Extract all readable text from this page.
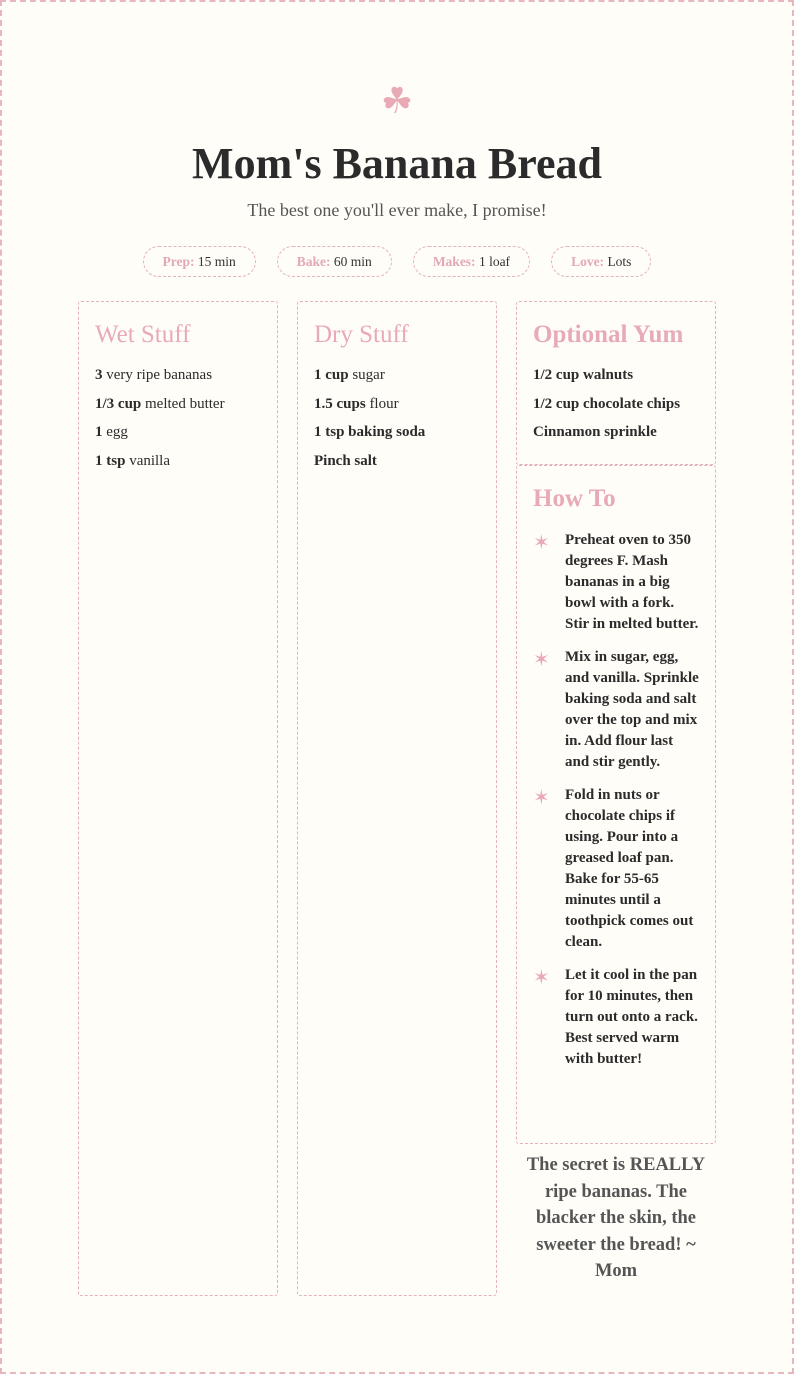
☘
Mom's Banana Bread

The best one you'll ever make, I promise!

Prep: 15 min	Bake: 60 min	Makes: 1 loaf	Love: Lots
Wet Stuff
3 very ripe bananas
1/3 cup melted butter
1 egg
1 tsp vanilla
Dry Stuff
1 cup sugar
1.5 cups flour
1 tsp baking soda
Pinch salt
Optional Yum
1/2 cup walnuts
1/2 cup chocolate chips
Cinnamon sprinkle
How To
✶	Preheat oven to 350 degrees F. Mash bananas in a big bowl with a fork. Stir in melted butter.
✶	Mix in sugar, egg, and vanilla. Sprinkle baking soda and salt over the top and mix in. Add flour last and stir gently.
✶	Fold in nuts or chocolate chips if using. Pour into a greased loaf pan. Bake for 55-65 minutes until a toothpick comes out clean.
✶	Let it cool in the pan for 10 minutes, then turn out onto a rack. Best served warm with butter!

The secret is REALLY ripe bananas. The blacker the skin, the sweeter the bread! ~ Mom
